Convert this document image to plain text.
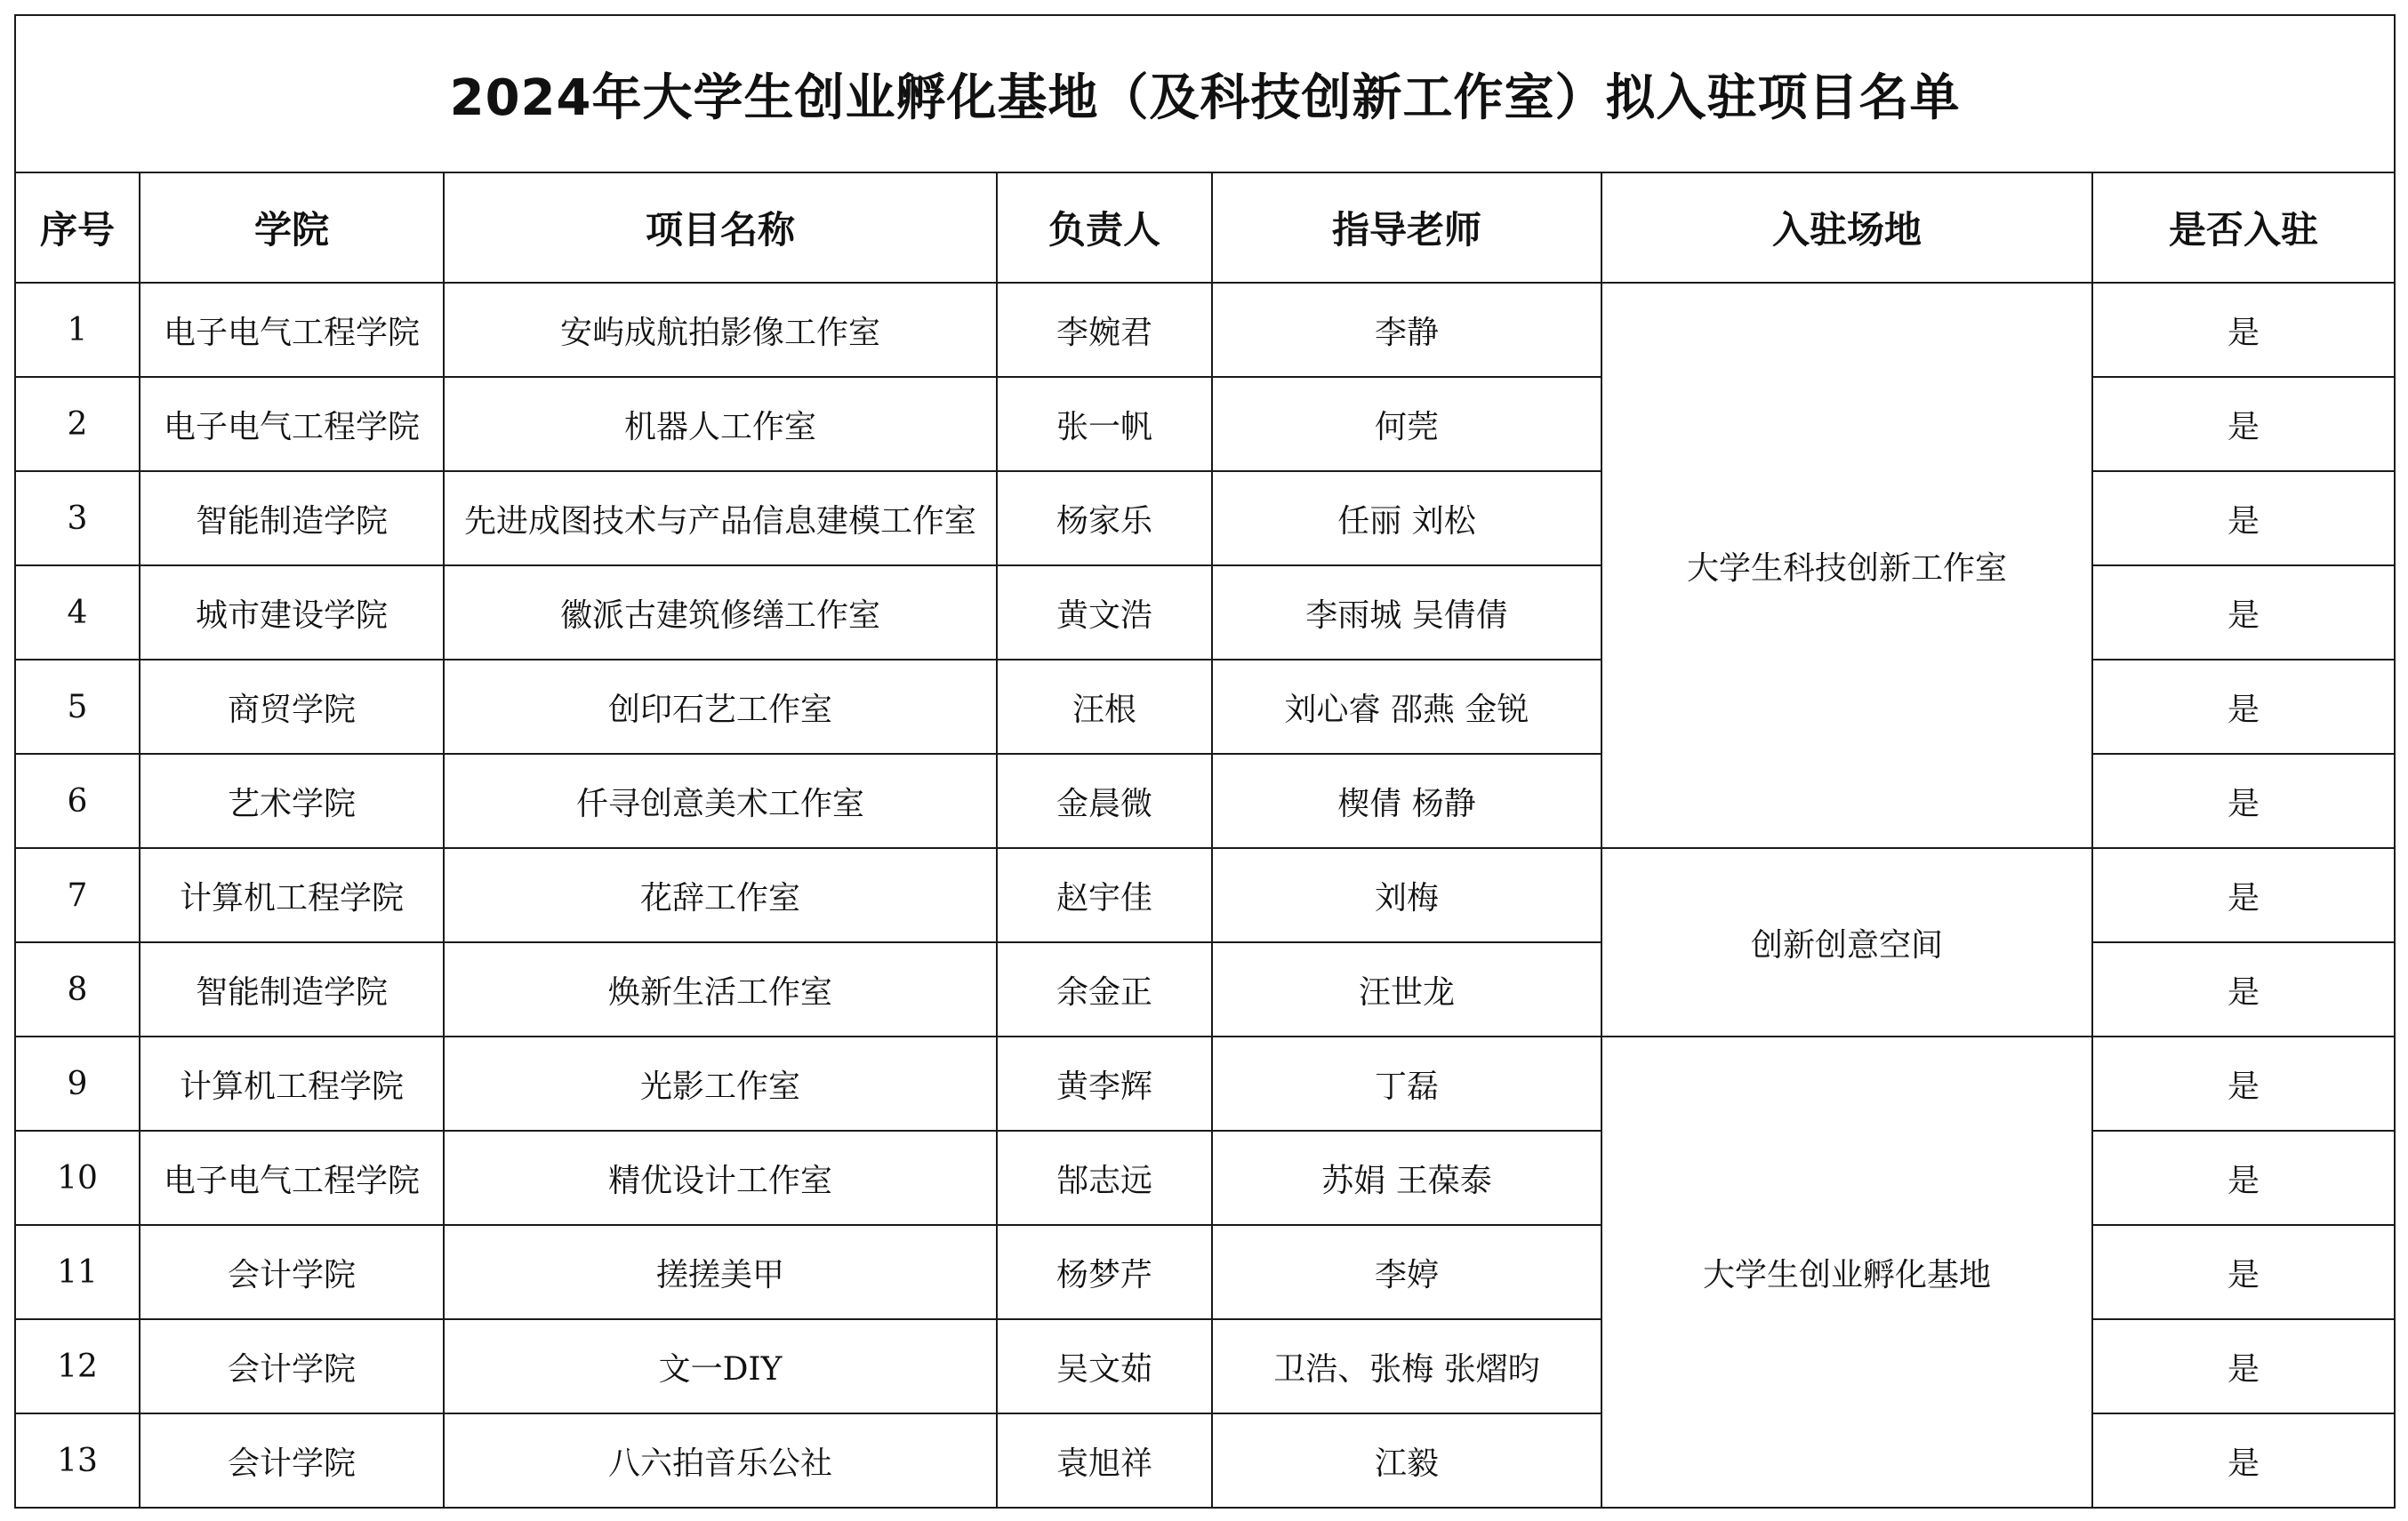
2024年大学生创业孵化基地（及科技创新工作室）拟入驻项目名单						
序号	学院	项目名称	负责人	指导老师	入驻场地	是否入驻
1	电子电气工程学院	安屿成航拍影像工作室	李婉君	李静	大学生科技创新工作室	是
2	电子电气工程学院	机器人工作室	张一帆	何莞		是
3	智能制造学院	先进成图技术与产品信息建模工作室	杨家乐	任丽 刘松		是
4	城市建设学院	徽派古建筑修缮工作室	黄文浩	李雨城 吴倩倩		是
5	商贸学院	创印石艺工作室	汪根	刘心睿 邵燕 金锐		是
6	艺术学院	仟寻创意美术工作室	金晨微	楔倩 杨静		是
7	计算机工程学院	花辞工作室	赵宇佳	刘梅	创新创意空间	是
8	智能制造学院	焕新生活工作室	余金正	汪世龙		是
9	计算机工程学院	光影工作室	黄李辉	丁磊	大学生创业孵化基地	是
10	电子电气工程学院	精优设计工作室	郜志远	苏娟 王葆泰		是
11	会计学院	搓搓美甲	杨梦芹	李婷		是
12	会计学院	文一DIY	吴文茹	卫浩、张梅 张熠昀		是
13	会计学院	八六拍音乐公社	袁旭祥	江毅		是
